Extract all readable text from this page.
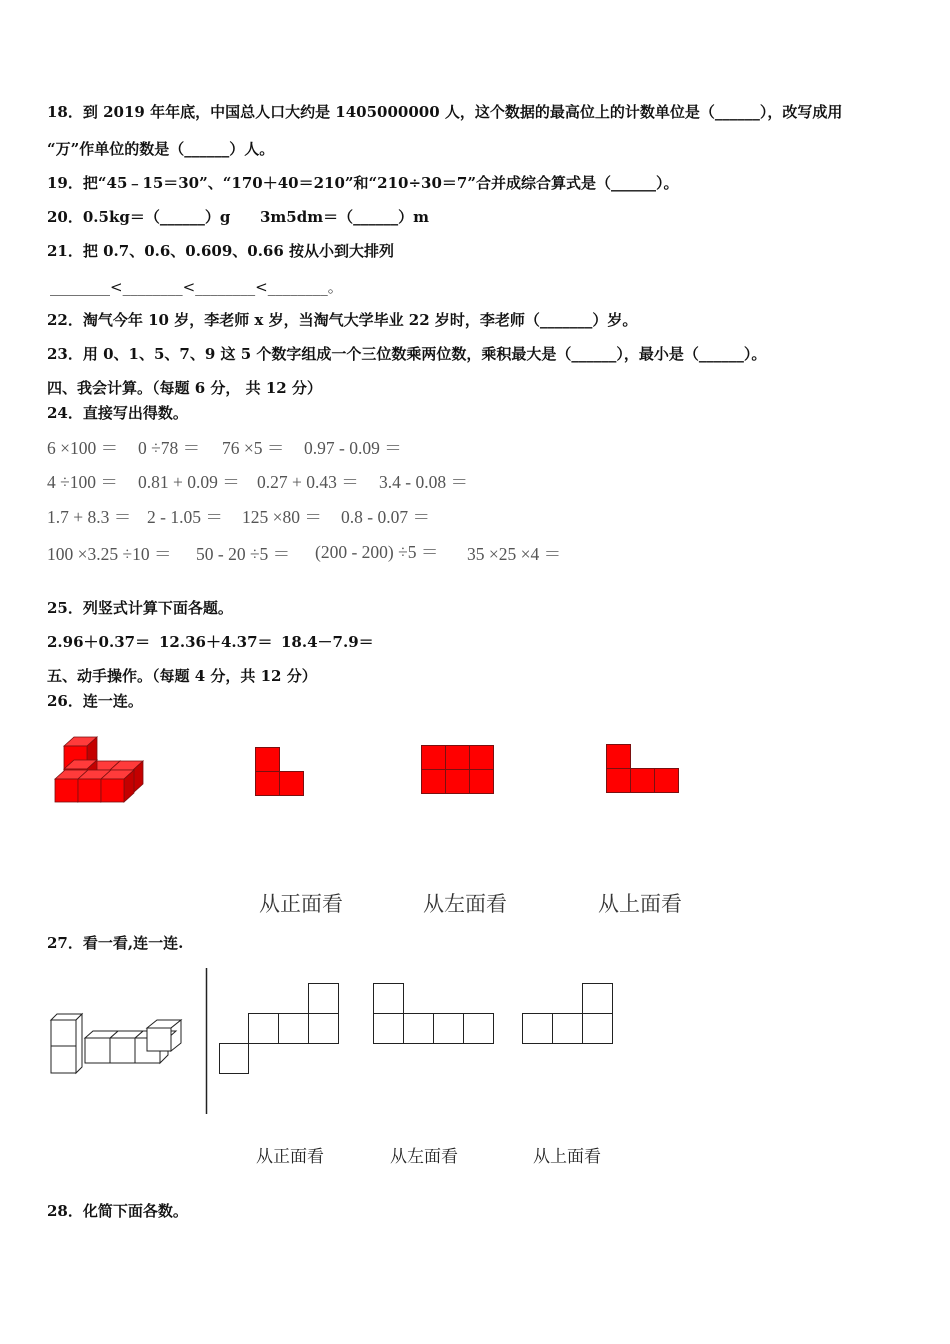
18．到 2019 年年底，中国总人口大约是 1405000000 人，这个数据的最高位上的计数单位是（______），改写成用
“万”作单位的数是（______）人。
19．把“45﹣15＝30”、“170＋40＝210”和“210÷30＝7”合并成综合算式是（______）。
20．0.5kg＝（______）g 3m5dm＝（______）m
21．把 0.7、0.6、0.609、0.66 按从小到大排列
________<________<________<________。
22．淘气今年 10 岁，李老师 x 岁，当淘气大学毕业 22 岁时，李老师（_______）岁。
23．用 0、1、5、7、9 这 5 个数字组成一个三位数乘两位数，乘积最大是（______），最小是（______）。
四、我会计算。（每题 6 分， 共 12 分）
24．直接写出得数。
6 ×100 ＝ 0 ÷78 ＝ 76 ×5 ＝ 0.97 - 0.09 ＝
4 ÷100 ＝ 0.81 + 0.09 ＝ 0.27 + 0.43 ＝ 3.4 - 0.08 ＝
1.7 + 8.3 ＝ 2 - 1.05 ＝ 125 ×80 ＝ 0.8 - 0.07 ＝
100 ×3.25 ÷10 ＝ 50 - 20 ÷5 ＝ (200 - 200) ÷5 ＝ 35 ×25 ×4 ＝
25．列竖式计算下面各题。
2.96＋0.37＝ 12.36＋4.37＝ 18.4－7.9＝
五、动手操作。（每题 4 分，共 12 分）
26．连一连。
从正面看	从左面看	从上面看
27．看一看,连一连.
从正面看	从左面看	从上面看
28．化简下面各数。
